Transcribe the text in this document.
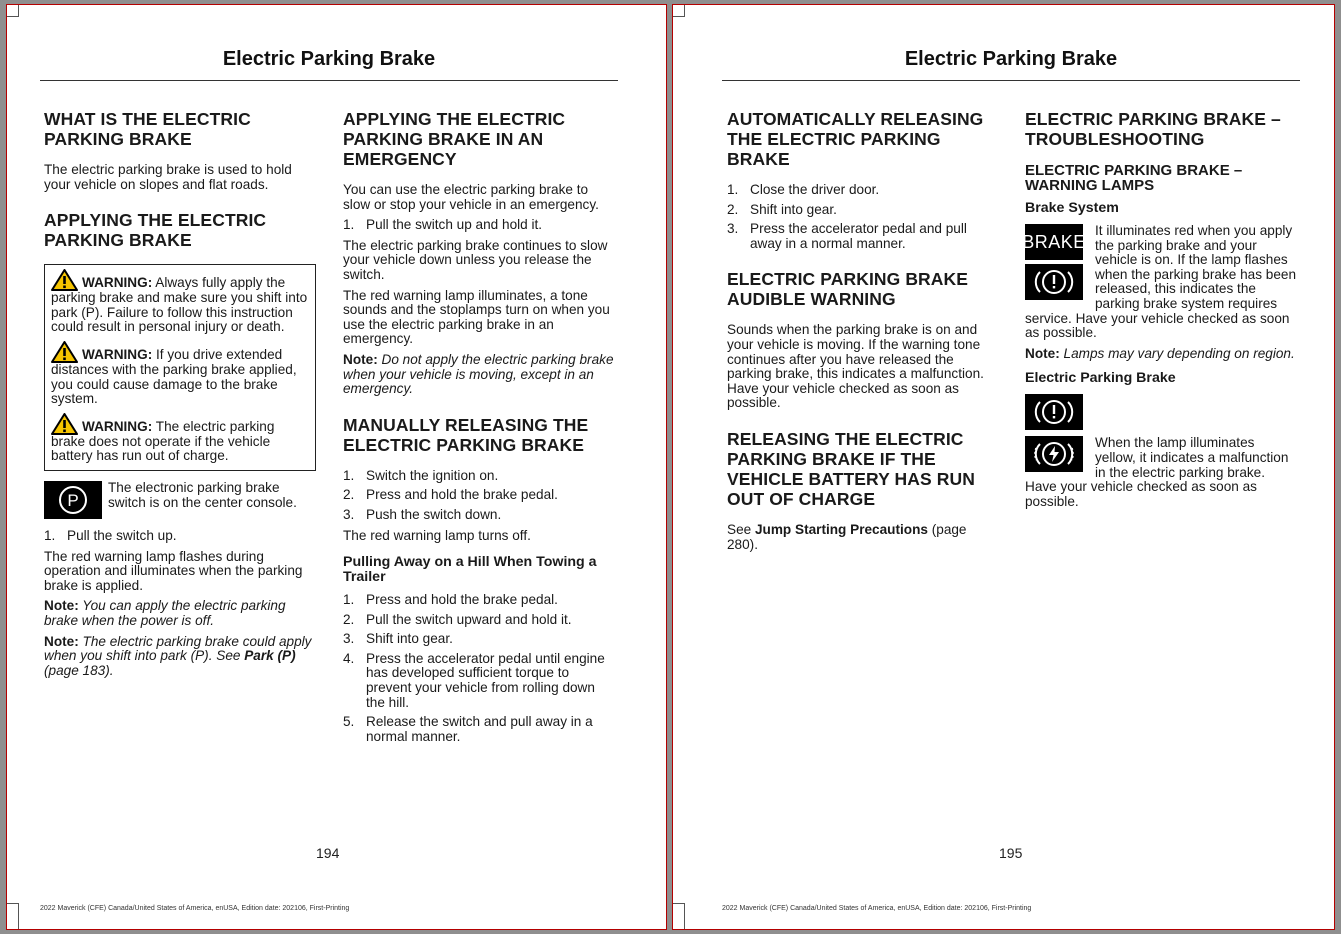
Electric Parking Brake
WHAT IS THE ELECTRIC PARKING BRAKE

The electric parking brake is used to hold your vehicle on slopes and flat roads.

APPLYING THE ELECTRIC PARKING BRAKE

WARNING: Always fully apply the parking brake and make sure you shift into park (P). Failure to follow this instruction could result in personal injury or death.

WARNING: If you drive extended distances with the parking brake applied, you could cause damage to the brake system.

WARNING: The electric parking brake does not operate if the vehicle battery has run out of charge.

P
The electronic parking brake switch is on the center console.
1. Pull the switch up.

The red warning lamp flashes during operation and illuminates when the parking brake is applied.

Note: You can apply the electric parking brake when the power is off.

Note: The electric parking brake could apply when you shift into park (P). See Park (P) (page 183).

APPLYING THE ELECTRIC PARKING BRAKE IN AN EMERGENCY

You can use the electric parking brake to slow or stop your vehicle in an emergency.

1. Pull the switch up and hold it.

The electric parking brake continues to slow your vehicle down unless you release the switch.

The red warning lamp illuminates, a tone sounds and the stoplamps turn on when you use the electric parking brake in an emergency.

Note: Do not apply the electric parking brake when your vehicle is moving, except in an emergency.

MANUALLY RELEASING THE ELECTRIC PARKING BRAKE
1. Switch the ignition on.
2. Press and hold the brake pedal.
3. Push the switch down.

The red warning lamp turns off.

Pulling Away on a Hill When Towing a Trailer
1. Press and hold the brake pedal.
2. Pull the switch upward and hold it.
3. Shift into gear.
4. Press the accelerator pedal until engine has developed sufficient torque to prevent your vehicle from rolling down the hill.
5. Release the switch and pull away in a normal manner.
194
2022 Maverick (CFE) Canada/United States of America, enUSA, Edition date: 202106, First-Printing
Electric Parking Brake
AUTOMATICALLY RELEASING THE ELECTRIC PARKING BRAKE
1. Close the driver door.
2. Shift into gear.
3. Press the accelerator pedal and pull away in a normal manner.
ELECTRIC PARKING BRAKE AUDIBLE WARNING

Sounds when the parking brake is on and your vehicle is moving. If the warning tone continues after you have released the parking brake, this indicates a malfunction. Have your vehicle checked as soon as possible.

RELEASING THE ELECTRIC PARKING BRAKE IF THE VEHICLE BATTERY HAS RUN OUT OF CHARGE

See Jump Starting Precautions (page 280).

ELECTRIC PARKING BRAKE – TROUBLESHOOTING
ELECTRIC PARKING BRAKE – WARNING LAMPS
Brake System
BRAKE

It illuminates red when you apply the parking brake and your vehicle is on. If the lamp flashes when the parking brake has been released, this indicates the parking brake system requires service. Have your vehicle checked as soon as possible.

Note: Lamps may vary depending on region.

Electric Parking Brake

When the lamp illuminates yellow, it indicates a malfunction in the electric parking brake. Have your vehicle checked as soon as possible.

195
2022 Maverick (CFE) Canada/United States of America, enUSA, Edition date: 202106, First-Printing
